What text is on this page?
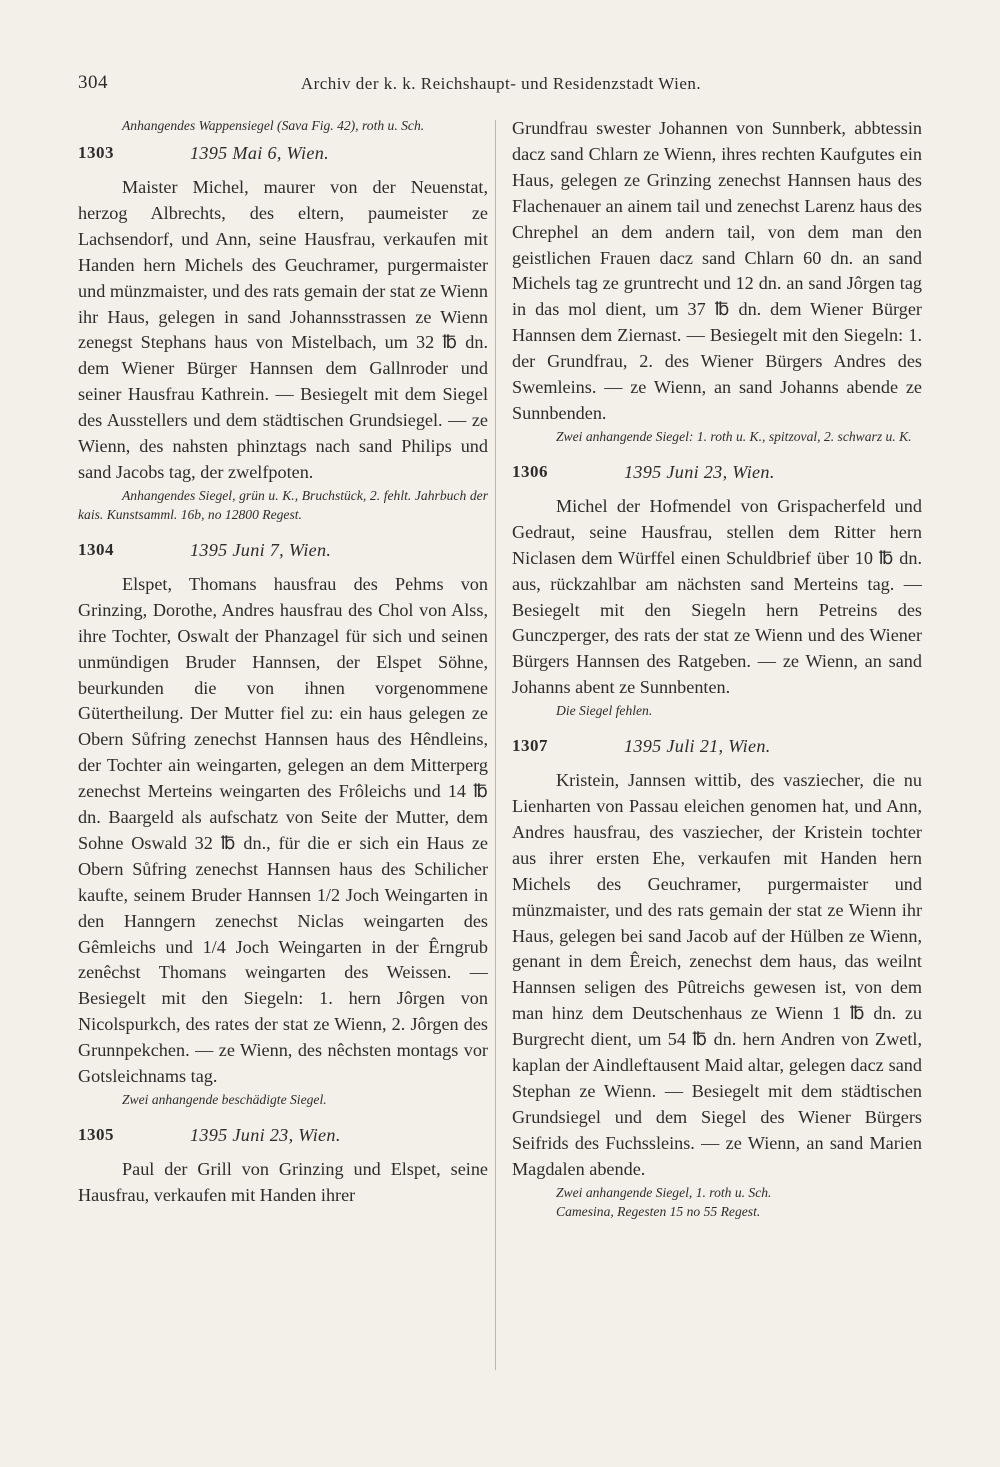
304	Archiv der k. k. Reichshaupt- und Residenzstadt Wien.

Anhangendes Wappensiegel (Sava Fig. 42), roth u. Sch.

1303	1395 Mai 6, Wien.

Maister Michel, maurer von der Neuenstat, herzog Albrechts, des eltern, paumeister ze Lachsendorf, und Ann, seine Hausfrau, verkaufen mit Handen hern Michels des Geuchramer, purgermaister und münzmaister, und des rats gemain der stat ze Wienn ihr Haus, gelegen in sand Johannsstrassen ze Wienn zenegst Stephans haus von Mistelbach, um 32 ℔ dn. dem Wiener Bürger Hannsen dem Gallnroder und seiner Hausfrau Kathrein. — Besiegelt mit dem Siegel des Ausstellers und dem städtischen Grundsiegel. — ze Wienn, des nahsten phinztags nach sand Philips und sand Jacobs tag, der zwelfpoten.

Anhangendes Siegel, grün u. K., Bruchstück, 2. fehlt. Jahrbuch der kais. Kunstsamml. 16b, no 12800 Regest.

1304	1395 Juni 7, Wien.

Elspet, Thomans hausfrau des Pehms von Grinzing, Dorothe, Andres hausfrau des Chol von Alss, ihre Tochter, Oswalt der Phanzagel für sich und seinen unmündigen Bruder Hannsen, der Elspet Söhne, beurkunden die von ihnen vorgenommene Gütertheilung. Der Mutter fiel zu: ein haus gelegen ze Obern Sůfring zenechst Hannsen haus des Hêndleins, der Tochter ain weingarten, gelegen an dem Mitterperg zenechst Merteins weingarten des Frôleichs und 14 ℔ dn. Baargeld als aufschatz von Seite der Mutter, dem Sohne Oswald 32 ℔ dn., für die er sich ein Haus ze Obern Sůfring zenechst Hannsen haus des Schilicher kaufte, seinem Bruder Hannsen 1/2 Joch Weingarten in den Hanngern zenechst Niclas weingarten des Gêmleichs und 1/4 Joch Weingarten in der Êrngrub zenêchst Thomans weingarten des Weissen. — Besiegelt mit den Siegeln: 1. hern Jôrgen von Nicolspurkch, des rates der stat ze Wienn, 2. Jôrgen des Grunnpekchen. — ze Wienn, des nêchsten montags vor Gotsleichnams tag.

Zwei anhangende beschädigte Siegel.

1305	1395 Juni 23, Wien.

Paul der Grill von Grinzing und Elspet, seine Hausfrau, verkaufen mit Handen ihrer

Grundfrau swester Johannen von Sunnberk, abbtessin dacz sand Chlarn ze Wienn, ihres rechten Kaufgutes ein Haus, gelegen ze Grinzing zenechst Hannsen haus des Flachenauer an ainem tail und zenechst Larenz haus des Chrephel an dem andern tail, von dem man den geistlichen Frauen dacz sand Chlarn 60 dn. an sand Michels tag ze gruntrecht und 12 dn. an sand Jôrgen tag in das mol dient, um 37 ℔ dn. dem Wiener Bürger Hannsen dem Ziernast. — Besiegelt mit den Siegeln: 1. der Grundfrau, 2. des Wiener Bürgers Andres des Swemleins. — ze Wienn, an sand Johanns abende ze Sunnbenden.

Zwei anhangende Siegel: 1. roth u. K., spitzoval, 2. schwarz u. K.

1306	1395 Juni 23, Wien.

Michel der Hofmendel von Grispacherfeld und Gedraut, seine Hausfrau, stellen dem Ritter hern Niclasen dem Würffel einen Schuldbrief über 10 ℔ dn. aus, rückzahlbar am nächsten sand Merteins tag. — Besiegelt mit den Siegeln hern Petreins des Gunczperger, des rats der stat ze Wienn und des Wiener Bürgers Hannsen des Ratgeben. — ze Wienn, an sand Johanns abent ze Sunnbenten.

Die Siegel fehlen.

1307	1395 Juli 21, Wien.

Kristein, Jannsen wittib, des vasziecher, die nu Lienharten von Passau eleichen genomen hat, und Ann, Andres hausfrau, des vasziecher, der Kristein tochter aus ihrer ersten Ehe, verkaufen mit Handen hern Michels des Geuchramer, purgermaister und münzmaister, und des rats gemain der stat ze Wienn ihr Haus, gelegen bei sand Jacob auf der Hülben ze Wienn, genant in dem Êreich, zenechst dem haus, das weilnt Hannsen seligen des Pûtreichs gewesen ist, von dem man hinz dem Deutschenhaus ze Wienn 1 ℔ dn. zu Burgrecht dient, um 54 ℔ dn. hern Andren von Zwetl, kaplan der Aindleftausent Maid altar, gelegen dacz sand Stephan ze Wienn. — Besiegelt mit dem städtischen Grundsiegel und dem Siegel des Wiener Bürgers Seifrids des Fuchssleins. — ze Wienn, an sand Marien Magdalen abende.

Zwei anhangende Siegel, 1. roth u. Sch.

Camesina, Regesten 15 no 55 Regest.
